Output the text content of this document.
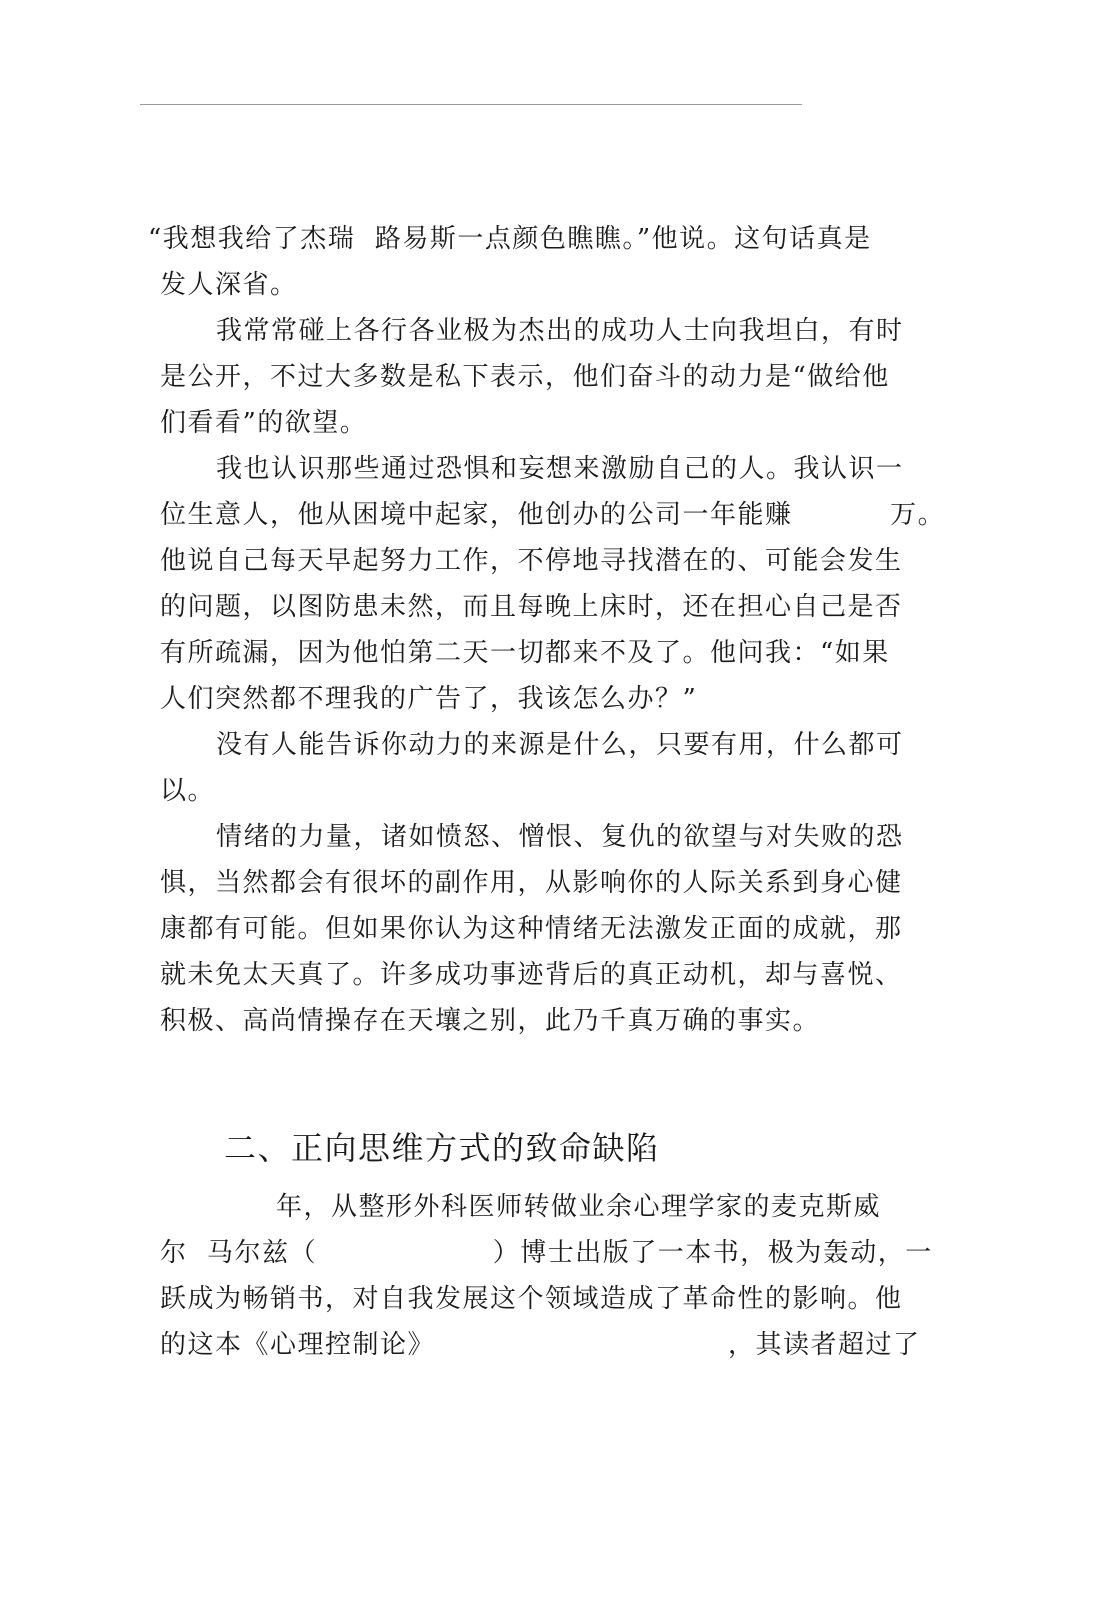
“我想我给了杰瑞  路易斯一点颜色瞧瞧。”他说。这句话真是
发人深省。
我常常碰上各行各业极为杰出的成功人士向我坦白，有时
是公开，不过大多数是私下表示，他们奋斗的动力是“做给他
们看看”的欲望。
我也认识那些通过恐惧和妄想来激励自己的人。我认识一
位生意人，他从困境中起家，他创办的公司一年能赚          万。
他说自己每天早起努力工作，不停地寻找潜在的、可能会发生
的问题，以图防患未然，而且每晚上床时，还在担心自己是否
有所疏漏，因为他怕第二天一切都来不及了。他问我：“如果
人们突然都不理我的广告了，我该怎么办？”
没有人能告诉你动力的来源是什么，只要有用，什么都可
以。
情绪的力量，诸如愤怒、憎恨、复仇的欲望与对失败的恐
惧，当然都会有很坏的副作用，从影响你的人际关系到身心健
康都有可能。但如果你认为这种情绪无法激发正面的成就，那
就未免太天真了。许多成功事迹背后的真正动机，却与喜悦、
积极、高尚情操存在天壤之别，此乃千真万确的事实。
二、正向思维方式的致命缺陷
年，从整形外科医师转做业余心理学家的麦克斯威
尔  马尔兹（                  ）博士出版了一本书，极为轰动，一
跃成为畅销书，对自我发展这个领域造成了革命性的影响。他
的这本《心理控制论》                              ，其读者超过了
